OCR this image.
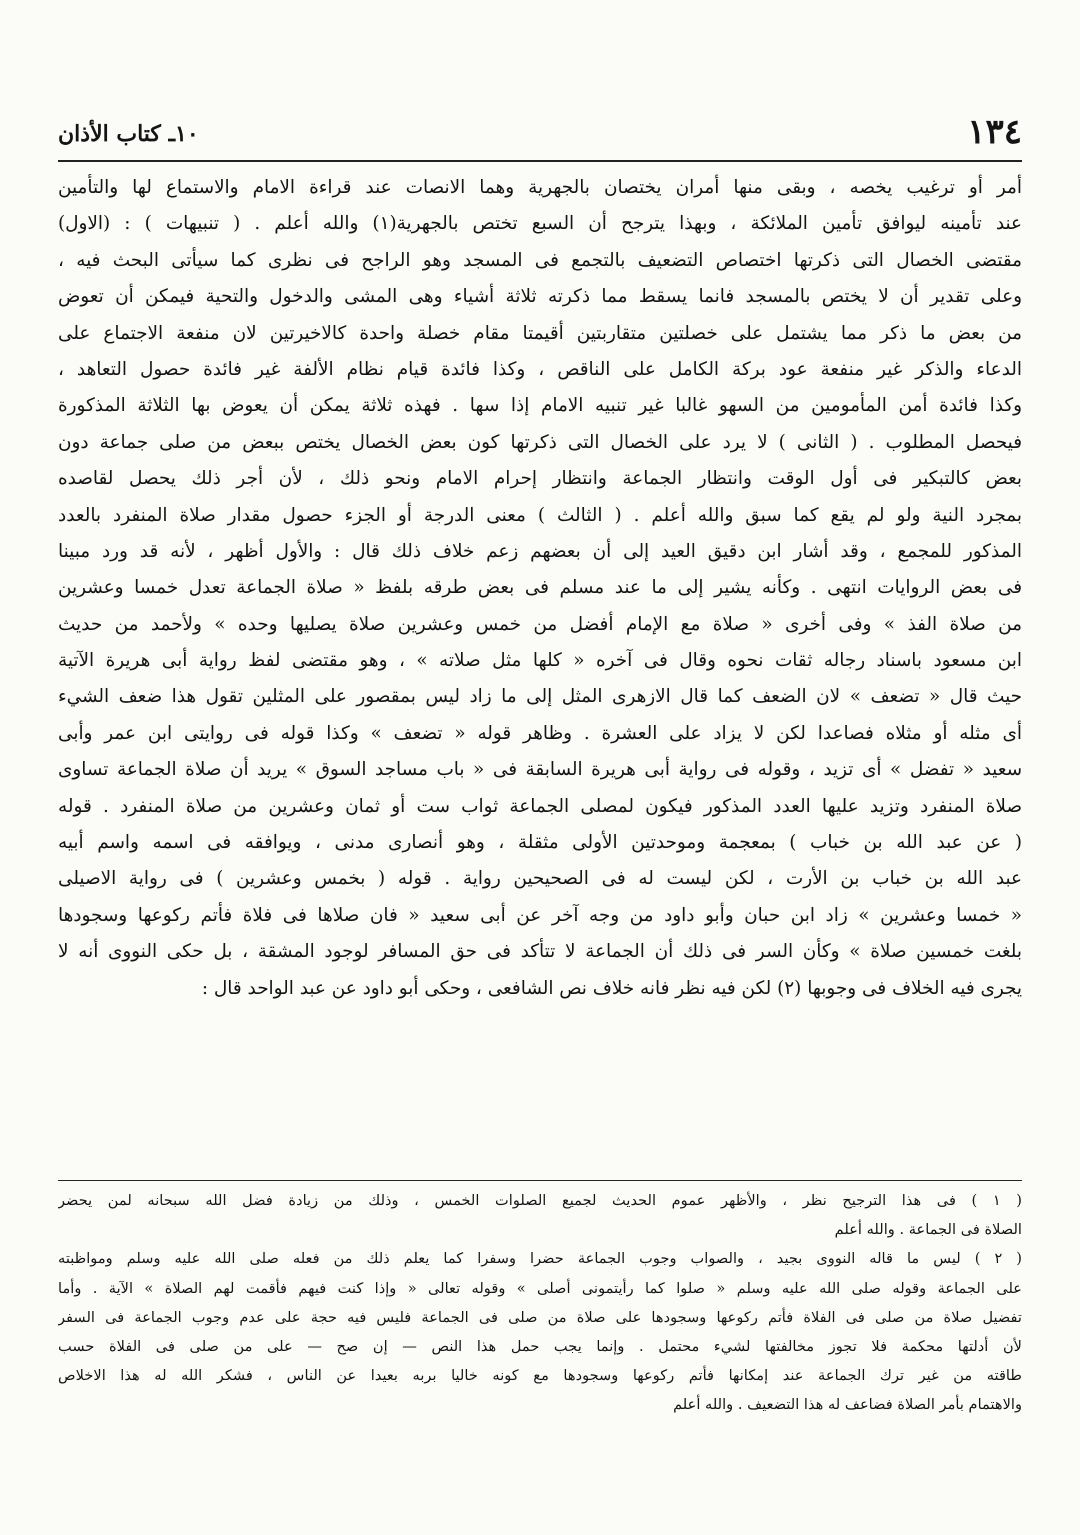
١٣٤
١٠ـ كتاب الأذان
أمر أو ترغيب يخصه ، وبقى منها أمران يختصان بالجهرية وهما الانصات عند قراءة الامام والاستماع لها والتأمين
عند تأمينه ليوافق تأمين الملائكة ، وبهذا يترجح أن السبع تختص بالجهرية(١) والله أعلم . ( تنبيهات ) : (الاول)
مقتضى الخصال التى ذكرتها اختصاص التضعيف بالتجمع فى المسجد وهو الراجح فى نظرى كما سيأتى البحث فيه ،
وعلى تقدير أن لا يختص بالمسجد فانما يسقط مما ذكرته ثلاثة أشياء وهى المشى والدخول والتحية فيمكن أن تعوض
من بعض ما ذكر مما يشتمل على خصلتين متقاربتين أقيمتا مقام خصلة واحدة كالاخيرتين لان منفعة الاجتماع على
الدعاء والذكر غير منفعة عود بركة الكامل على الناقص ، وكذا فائدة قيام نظام الألفة غير فائدة حصول التعاهد ،
وكذا فائدة أمن المأمومين من السهو غالبا غير تنبيه الامام إذا سها . فهذه ثلاثة يمكن أن يعوض بها الثلاثة المذكورة
فيحصل المطلوب . ( الثانى ) لا يرد على الخصال التى ذكرتها كون بعض الخصال يختص ببعض من صلى جماعة دون
بعض كالتبكير فى أول الوقت وانتظار الجماعة وانتظار إحرام الامام ونحو ذلك ، لأن أجر ذلك يحصل لقاصده
بمجرد النية ولو لم يقع كما سبق والله أعلم . ( الثالث ) معنى الدرجة أو الجزء حصول مقدار صلاة المنفرد بالعدد
المذكور للمجمع ، وقد أشار ابن دقيق العيد إلى أن بعضهم زعم خلاف ذلك قال : والأول أظهر ، لأنه قد ورد مبينا
فى بعض الروايات انتهى . وكأنه يشير إلى ما عند مسلم فى بعض طرقه بلفظ « صلاة الجماعة تعدل خمسا وعشرين
من صلاة الفذ » وفى أخرى « صلاة مع الإمام أفضل من خمس وعشرين صلاة يصليها وحده » ولأحمد من حديث
ابن مسعود باسناد رجاله ثقات نحوه وقال فى آخره « كلها مثل صلاته » ، وهو مقتضى لفظ رواية أبى هريرة الآتية
حيث قال « تضعف » لان الضعف كما قال الازهرى المثل إلى ما زاد ليس بمقصور على المثلين تقول هذا ضعف الشيء
أى مثله أو مثلاه فصاعدا لكن لا يزاد على العشرة . وظاهر قوله « تضعف » وكذا قوله فى روايتى ابن عمر وأبى
سعيد « تفضل » أى تزيد ، وقوله فى رواية أبى هريرة السابقة فى « باب مساجد السوق » يريد أن صلاة الجماعة تساوى
صلاة المنفرد وتزيد عليها العدد المذكور فيكون لمصلى الجماعة ثواب ست أو ثمان وعشرين من صلاة المنفرد . قوله
( عن عبد الله بن خباب ) بمعجمة وموحدتين الأولى مثقلة ، وهو أنصارى مدنى ، ويوافقه فى اسمه واسم أبيه
عبد الله بن خباب بن الأرت ، لكن ليست له فى الصحيحين رواية . قوله ( بخمس وعشرين ) فى رواية الاصيلى
« خمسا وعشرين » زاد ابن حبان وأبو داود من وجه آخر عن أبى سعيد « فان صلاها فى فلاة فأتم ركوعها وسجودها
بلغت خمسين صلاة » وكأن السر فى ذلك أن الجماعة لا تتأكد فى حق المسافر لوجود المشقة ، بل حكى النووى أنه لا
يجرى فيه الخلاف فى وجوبها (٢) لكن فيه نظر فانه خلاف نص الشافعى ، وحكى أبو داود عن عبد الواحد قال :
( ١ ) فى هذا الترجيح نظر ، والأظهر عموم الحديث لجميع الصلوات الخمس ، وذلك من زيادة فضل الله سبحانه لمن يحضر
الصلاة فى الجماعة . والله أعلم
( ٢ ) ليس ما قاله النووى بجيد ، والصواب وجوب الجماعة حضرا وسفرا كما يعلم ذلك من فعله صلى الله عليه وسلم ومواظبته
على الجماعة وقوله صلى الله عليه وسلم « صلوا كما رأيتمونى أصلى » وقوله تعالى « وإذا كنت فيهم فأقمت لهم الصلاة » الآية . وأما
تفضيل صلاة من صلى فى الفلاة فأتم ركوعها وسجودها على صلاة من صلى فى الجماعة فليس فيه حجة على عدم وجوب الجماعة فى السفر
لأن أدلتها محكمة فلا تجوز مخالفتها لشيء محتمل . وإنما يجب حمل هذا النص — إن صح — على من صلى فى الفلاة حسب
طاقته من غير ترك الجماعة عند إمكانها فأتم ركوعها وسجودها مع كونه خاليا بربه بعيدا عن الناس ، فشكر الله له هذا الاخلاص
والاهتمام بأمر الصلاة فضاعف له هذا التضعيف . والله أعلم
